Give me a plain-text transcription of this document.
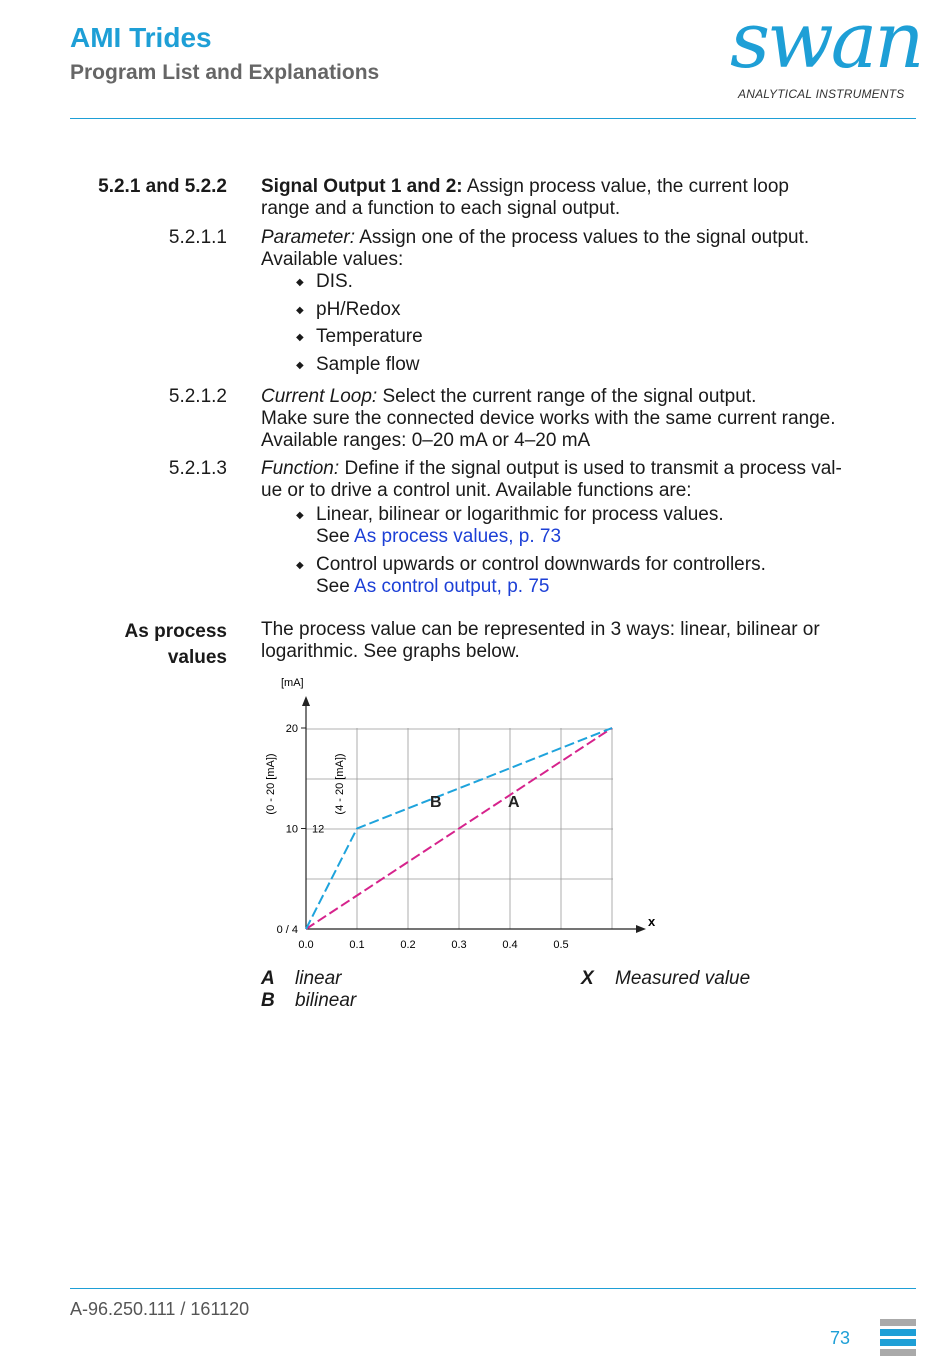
AMI Trides
Program List and Explanations	swan
ANALYTICAL INSTRUMENTS
5.2.1 and 5.2.2 Signal Output 1 and 2: Assign process value, the current loop
range and a function to each signal output.
5.2.1.1 Parameter: Assign one of the process values to the signal output.
Available values:
◆ DIS.
◆ pH/Redox
◆ Temperature
◆ Sample flow
5.2.1.2 Current Loop: Select the current range of the signal output.
Make sure the connected device works with the same current range.
Available ranges: 0–20 mA or 4–20 mA
5.2.1.3 Function: Define if the signal output is used to transmit a process val-
ue or to drive a control unit. Available functions are:
◆ Linear, bilinear or logarithmic for process values.
See As process values, p. 73
◆ Control upwards or control downwards for controllers.
See As control output, p. 75
As process
values
The process value can be represented in 3 ways: linear, bilinear or
logarithmic. See graphs below.
0.0	0.1	0.2	0.3	0.4	0.5
0 / 4
10 12
20
A
B
[mA]
x
(0 - 20 [mA])	(4 - 20 [mA])
A linear
B bilinear
X Measured value
A-96.250.111 / 161120
73
